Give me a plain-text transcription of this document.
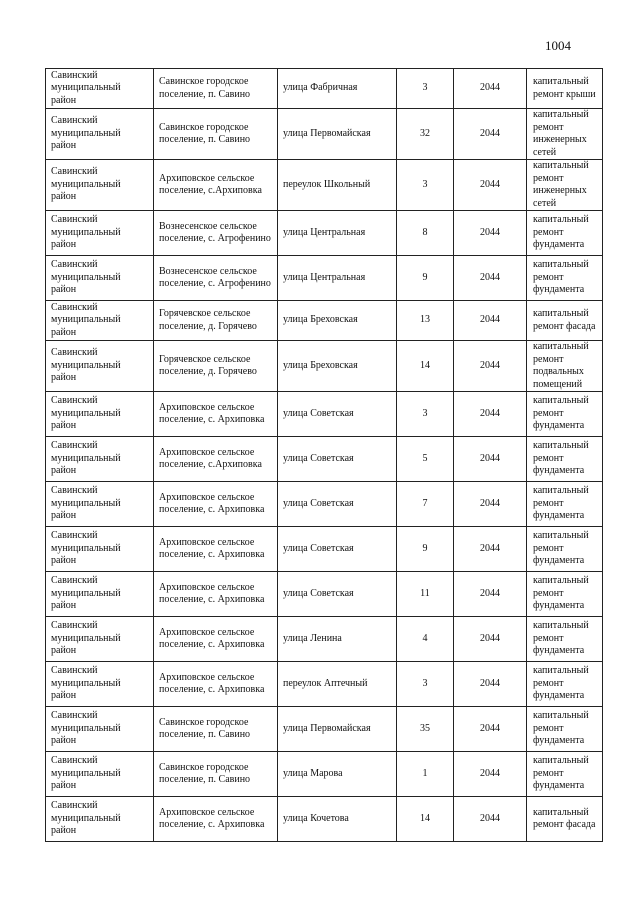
1004
Савинский муниципальный район	Савинское городское поселение, п. Савино	улица Фабричная	3	2044	капитальный ремонт крыши
Савинский муниципальный район	Савинское городское поселение, п. Савино	улица Первомайская	32	2044	капитальный ремонт инженерных сетей
Савинский муниципальный район	Архиповское сельское поселение, с.Архиповка	переулок Школьный	3	2044	капитальный ремонт инженерных сетей
Савинский муниципальный район	Вознесенское сельское поселение, с. Агрофенино	улица Центральная	8	2044	капитальный ремонт фундамента
Савинский муниципальный район	Вознесенское сельское поселение, с. Агрофенино	улица Центральная	9	2044	капитальный ремонт фундамента
Савинский муниципальный район	Горячевское сельское поселение, д. Горячево	улица Бреховская	13	2044	капитальный ремонт фасада
Савинский муниципальный район	Горячевское сельское поселение, д. Горячево	улица Бреховская	14	2044	капитальный ремонт подвальных помещений
Савинский муниципальный район	Архиповское сельское поселение, с. Архиповка	улица Советская	3	2044	капитальный ремонт фундамента
Савинский муниципальный район	Архиповское сельское поселение, с.Архиповка	улица Советская	5	2044	капитальный ремонт фундамента
Савинский муниципальный район	Архиповское сельское поселение, с. Архиповка	улица Советская	7	2044	капитальный ремонт фундамента
Савинский муниципальный район	Архиповское сельское поселение, с. Архиповка	улица Советская	9	2044	капитальный ремонт фундамента
Савинский муниципальный район	Архиповское сельское поселение, с. Архиповка	улица Советская	11	2044	капитальный ремонт фундамента
Савинский муниципальный район	Архиповское сельское поселение, с. Архиповка	улица Ленина	4	2044	капитальный ремонт фундамента
Савинский муниципальный район	Архиповское сельское поселение, с. Архиповка	переулок Аптечный	3	2044	капитальный ремонт фундамента
Савинский муниципальный район	Савинское городское поселение, п. Савино	улица Первомайская	35	2044	капитальный ремонт фундамента
Савинский муниципальный район	Савинское городское поселение, п. Савино	улица Марова	1	2044	капитальный ремонт фундамента
Савинский муниципальный район	Архиповское сельское поселение, с. Архиповка	улица Кочетова	14	2044	капитальный ремонт фасада
